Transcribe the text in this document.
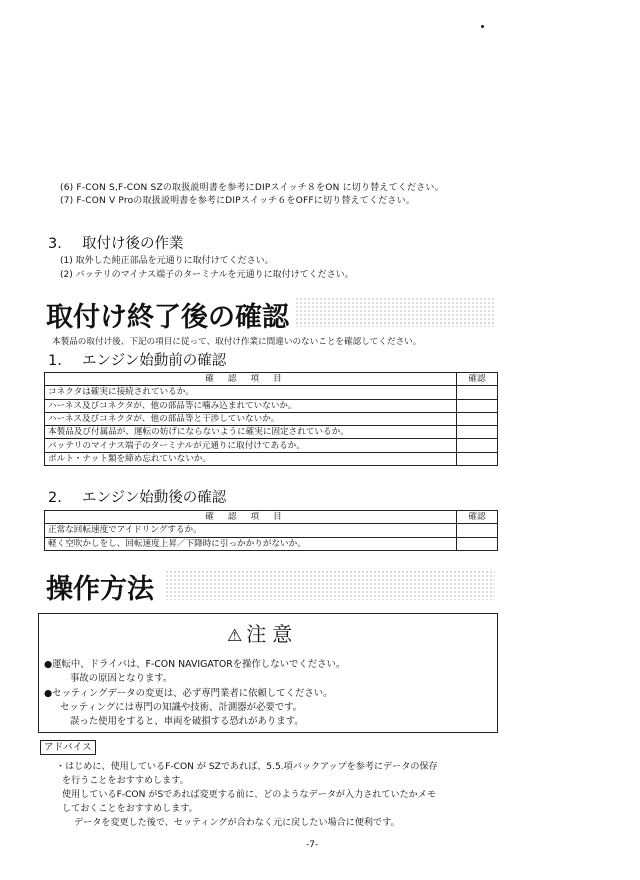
(6) F-CON S,F-CON SZの取扱説明書を参考にDIPスイッチ８をON に切り替えてください。
(7) F-CON V Proの取扱説明書を参考にDIPスイッチ６をOFFに切り替えてください。
3. 取付け後の作業
(1) 取外した純正部品を元通りに取付けてください。
(2) バッテリのマイナス端子のターミナルを元通りに取付けてください。
取付け終了後の確認
本製品の取付け後、下記の項目に従って、取付け作業に間違いのないことを確認してください。
1. エンジン始動前の確認
確認項目	確認
コネクタは確実に接続されているか。	
ハーネス及びコネクタが、他の部品等に噛み込まれていないか。	
ハーネス及びコネクタが、他の部品等と干渉していないか。	
本製品及び付属品が、運転の妨げにならないように確実に固定されているか。	
バッテリのマイナス端子のターミナルが元通りに取付けてあるか。	
ボルト・ナット類を締め忘れていないか。	
2. エンジン始動後の確認
確認項目	確認
正常な回転速度でアイドリングするか。	
軽く空吹かしをし、回転速度上昇／下降時に引っかかりがないか。	
操作方法
⚠ 注意
●運転中、ドライバは、F-CON NAVIGATORを操作しないでください。
事故の原因となります。
●セッティングデータの変更は、必ず専門業者に依頼してください。
セッティングには専門の知識や技術、計測器が必要です。
誤った使用をすると、車両を破損する恐れがあります。
アドバイス
・はじめに、使用しているF-CON が SZであれば、5.5.項バックアップを参考にデータの保存
を行うことをおすすめします。
使用しているF-CON がSであれば変更する前に、どのようなデータが入力されていたかメモ
しておくことをおすすめします。
データを変更した後で、セッティングが合わなく元に戻したい場合に便利です。
-7-
